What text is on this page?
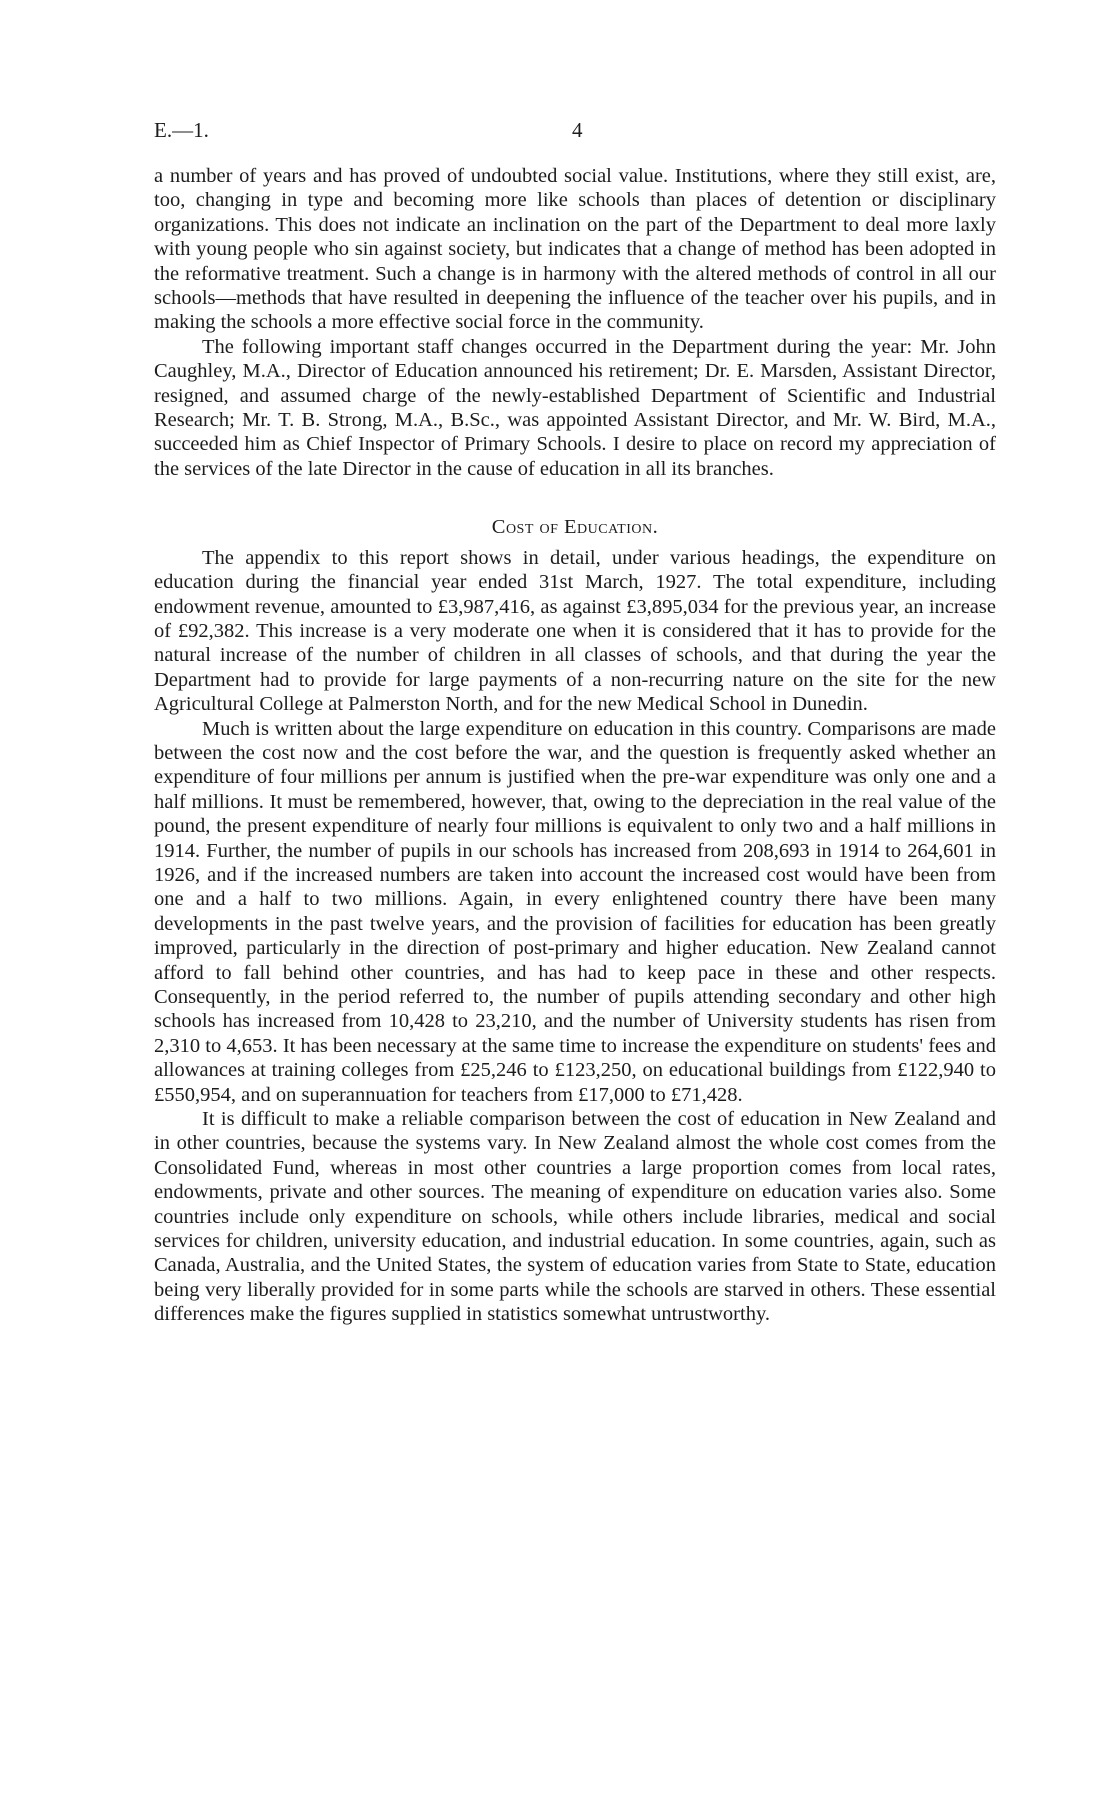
E.—1.	4

a number of years and has proved of undoubted social value. Institutions, where they still exist, are, too, changing in type and becoming more like schools than places of detention or disciplinary organizations. This does not indicate an inclination on the part of the Department to deal more laxly with young people who sin against society, but indicates that a change of method has been adopted in the reformative treatment. Such a change is in harmony with the altered methods of control in all our schools—methods that have resulted in deepening the influence of the teacher over his pupils, and in making the schools a more effective social force in the community.

The following important staff changes occurred in the Department during the year: Mr. John Caughley, M.A., Director of Education announced his retirement; Dr. E. Marsden, Assistant Director, resigned, and assumed charge of the newly-established Department of Scientific and Industrial Research; Mr. T. B. Strong, M.A., B.Sc., was appointed Assistant Director, and Mr. W. Bird, M.A., succeeded him as Chief Inspector of Primary Schools. I desire to place on record my appreciation of the services of the late Director in the cause of education in all its branches.

Cost of Education.

The appendix to this report shows in detail, under various headings, the expenditure on education during the financial year ended 31st March, 1927. The total expenditure, including endowment revenue, amounted to £3,987,416, as against £3,895,034 for the previous year, an increase of £92,382. This increase is a very moderate one when it is considered that it has to provide for the natural increase of the number of children in all classes of schools, and that during the year the Department had to provide for large payments of a non-recurring nature on the site for the new Agricultural College at Palmerston North, and for the new Medical School in Dunedin.

Much is written about the large expenditure on education in this country. Comparisons are made between the cost now and the cost before the war, and the question is frequently asked whether an expenditure of four millions per annum is justified when the pre-war expenditure was only one and a half millions. It must be remembered, however, that, owing to the depreciation in the real value of the pound, the present expenditure of nearly four millions is equivalent to only two and a half millions in 1914. Further, the number of pupils in our schools has increased from 208,693 in 1914 to 264,601 in 1926, and if the increased numbers are taken into account the increased cost would have been from one and a half to two millions. Again, in every enlightened country there have been many developments in the past twelve years, and the provision of facilities for education has been greatly improved, particularly in the direction of post-primary and higher education. New Zealand cannot afford to fall behind other countries, and has had to keep pace in these and other respects. Consequently, in the period referred to, the number of pupils attending secondary and other high schools has increased from 10,428 to 23,210, and the number of University students has risen from 2,310 to 4,653. It has been necessary at the same time to increase the expenditure on students' fees and allowances at training colleges from £25,246 to £123,250, on educational buildings from £122,940 to £550,954, and on superannuation for teachers from £17,000 to £71,428.

It is difficult to make a reliable comparison between the cost of education in New Zealand and in other countries, because the systems vary. In New Zealand almost the whole cost comes from the Consolidated Fund, whereas in most other countries a large proportion comes from local rates, endowments, private and other sources. The meaning of expenditure on education varies also. Some countries include only expenditure on schools, while others include libraries, medical and social services for children, university education, and industrial education. In some countries, again, such as Canada, Australia, and the United States, the system of education varies from State to State, education being very liberally provided for in some parts while the schools are starved in others. These essential differences make the figures supplied in statistics somewhat untrustworthy.
